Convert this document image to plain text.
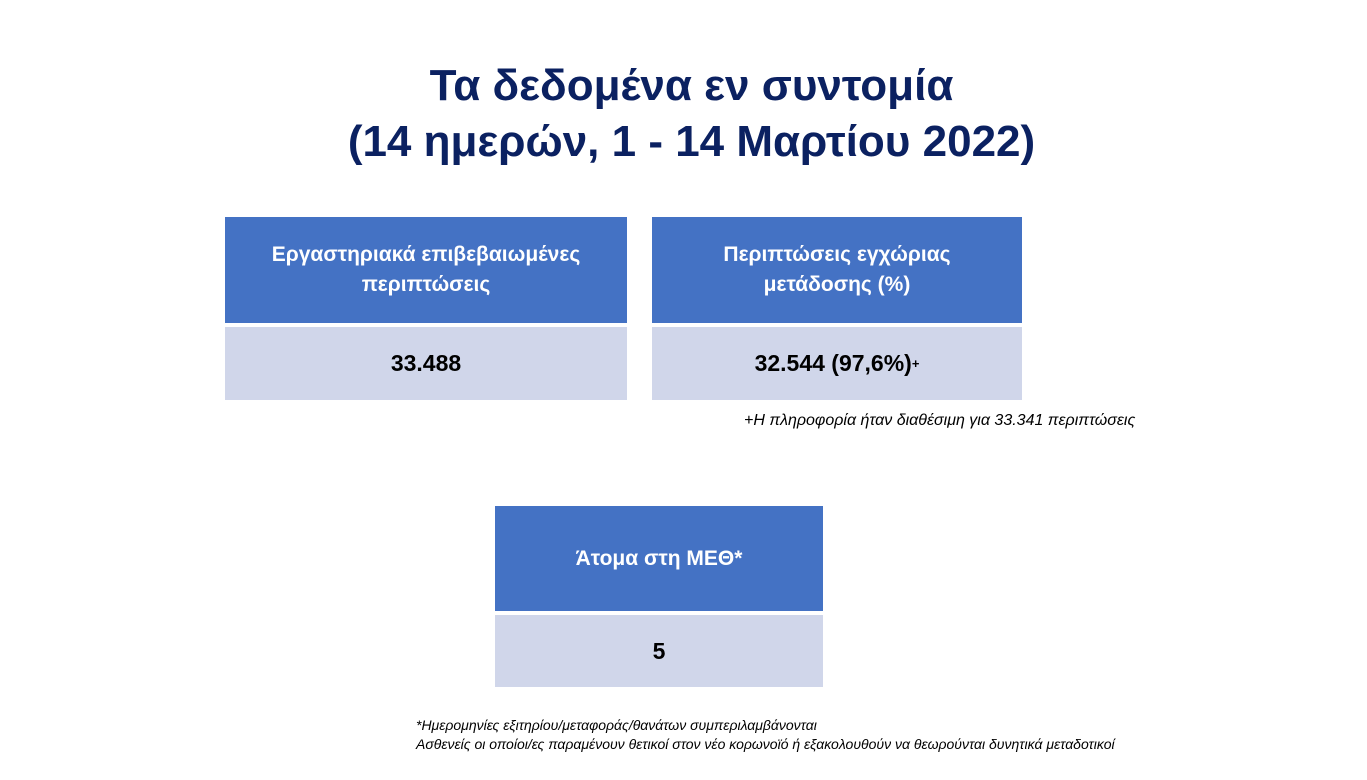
Τα δεδομένα εν συντομία
(14 ημερών, 1 - 14 Μαρτίου 2022)
Εργαστηριακά επιβεβαιωμένες περιπτώσεις
33.488
Περιπτώσεις εγχώριας μετάδοσης (%)
32.544 (97,6%) +
+Η πληροφορία ήταν διαθέσιμη για 33.341 περιπτώσεις
Άτομα στη ΜΕΘ*
5
*Ημερομηνίες εξιτηρίου/μεταφοράς/θανάτων συμπεριλαμβάνονται
Ασθενείς οι οποίοι/ες παραμένουν θετικοί στον νέο κορωνοϊό ή εξακολουθούν να θεωρούνται δυνητικά μεταδοτικοί
